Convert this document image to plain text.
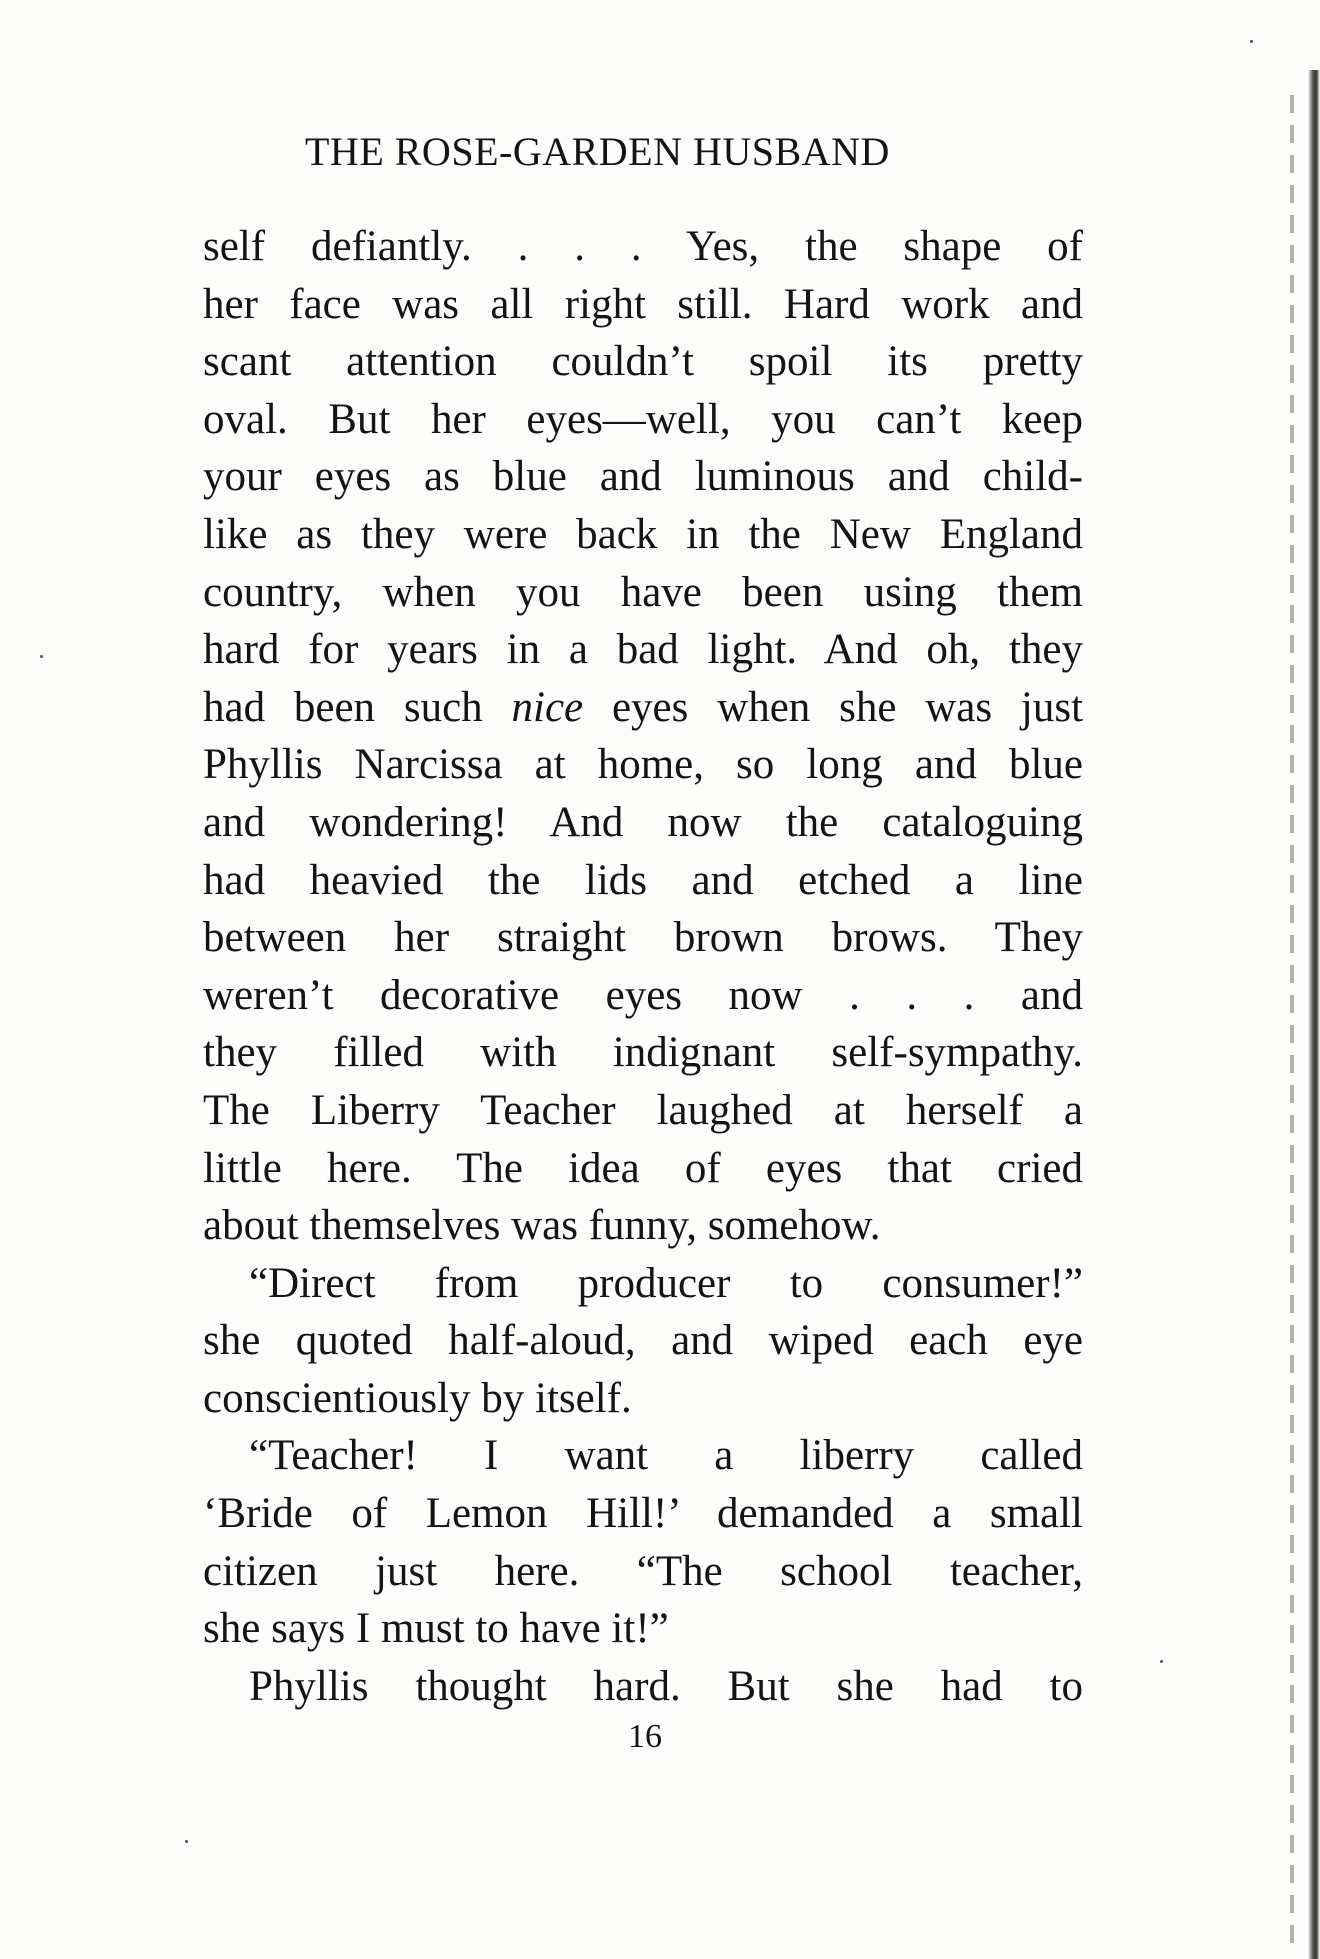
THE ROSE-GARDEN HUSBAND
self defiantly. . . . Yes, the shape of
her face was all right still. Hard work and
scant attention couldn’t spoil its pretty
oval. But her eyes—well, you can’t keep
your eyes as blue and luminous and child-
like as they were back in the New England
country, when you have been using them
hard for years in a bad light. And oh, they
had been such nice eyes when she was just
Phyllis Narcissa at home, so long and blue
and wondering! And now the cataloguing
had heavied the lids and etched a line
between her straight brown brows. They
weren’t decorative eyes now . . . and
they filled with indignant self-sympathy.
The Liberry Teacher laughed at herself a
little here. The idea of eyes that cried
about themselves was funny, somehow.
“Direct from producer to consumer!”
she quoted half-aloud, and wiped each eye
conscientiously by itself.
“Teacher! I want a liberry called
‘Bride of Lemon Hill!’ demanded a small
citizen just here. “The school teacher,
she says I must to have it!”
Phyllis thought hard. But she had to
16
